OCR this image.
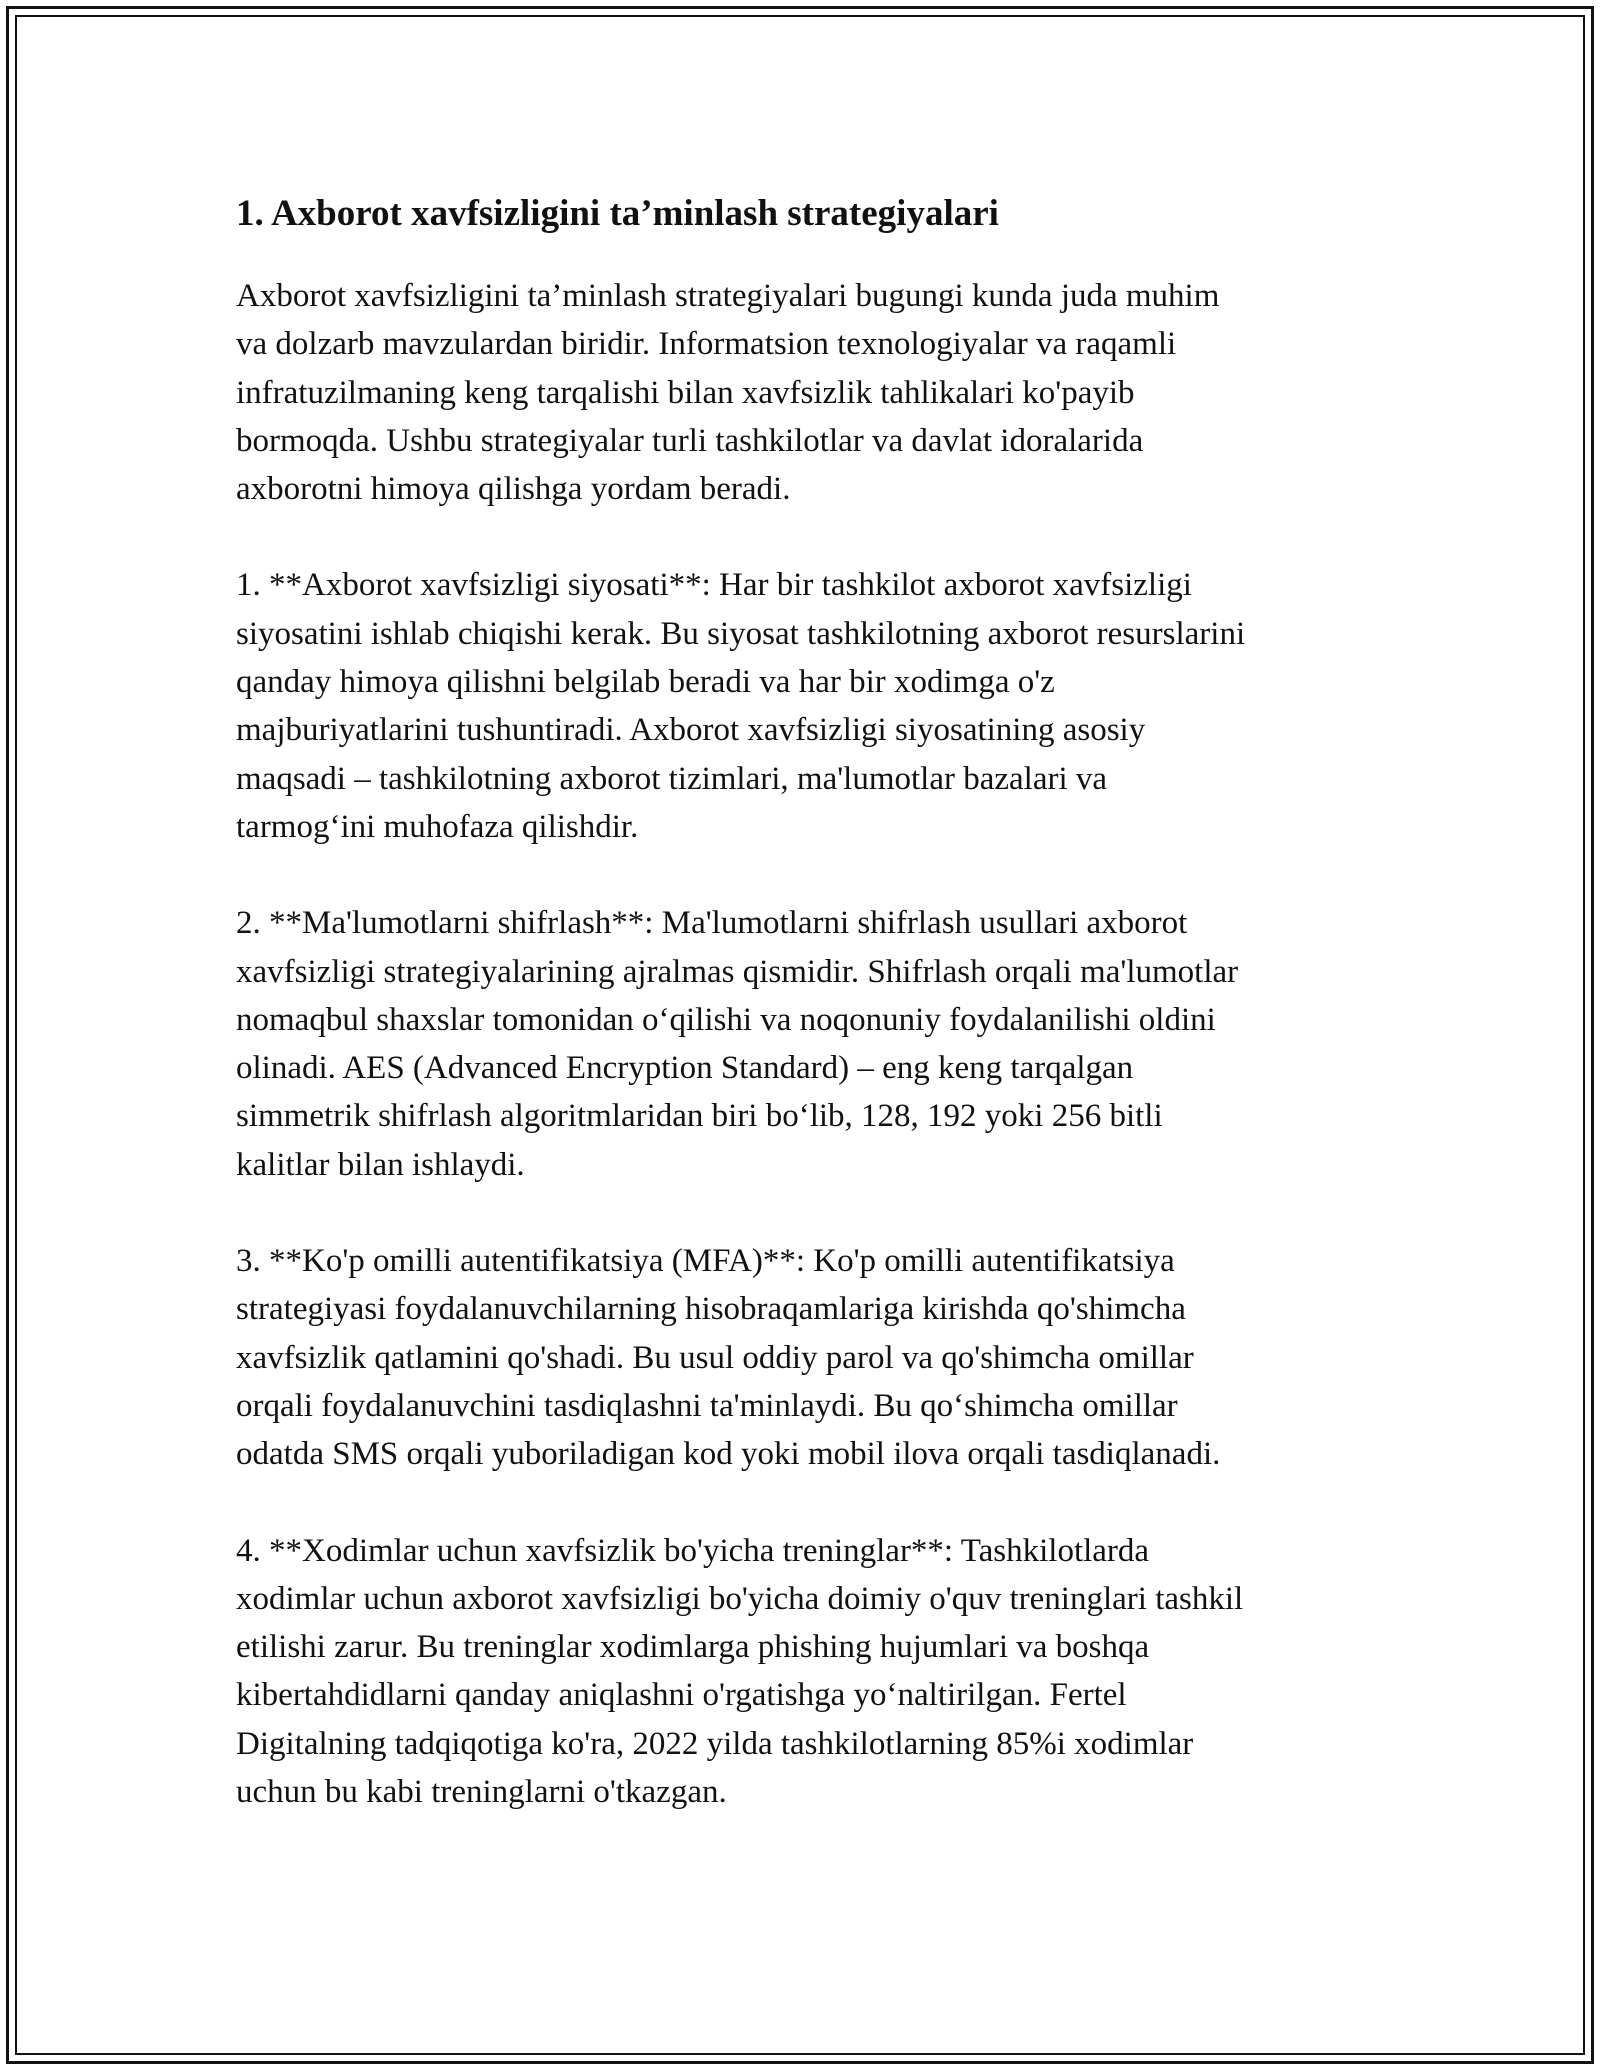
1. Axborot xavfsizligini ta’minlash strategiyalari

Axborot xavfsizligini ta’minlash strategiyalari bugungi kunda juda muhim
va dolzarb mavzulardan biridir. Informatsion texnologiyalar va raqamli
infratuzilmaning keng tarqalishi bilan xavfsizlik tahlikalari ko'payib
bormoqda. Ushbu strategiyalar turli tashkilotlar va davlat idoralarida
axborotni himoya qilishga yordam beradi.

1. **Axborot xavfsizligi siyosati**: Har bir tashkilot axborot xavfsizligi
siyosatini ishlab chiqishi kerak. Bu siyosat tashkilotning axborot resurslarini
qanday himoya qilishni belgilab beradi va har bir xodimga o'z
majburiyatlarini tushuntiradi. Axborot xavfsizligi siyosatining asosiy
maqsadi – tashkilotning axborot tizimlari, ma'lumotlar bazalari va
tarmog‘ini muhofaza qilishdir.

2. **Ma'lumotlarni shifrlash**: Ma'lumotlarni shifrlash usullari axborot
xavfsizligi strategiyalarining ajralmas qismidir. Shifrlash orqali ma'lumotlar
nomaqbul shaxslar tomonidan o‘qilishi va noqonuniy foydalanilishi oldini
olinadi. AES (Advanced Encryption Standard) – eng keng tarqalgan
simmetrik shifrlash algoritmlaridan biri bo‘lib, 128, 192 yoki 256 bitli
kalitlar bilan ishlaydi.

3. **Ko'p omilli autentifikatsiya (MFA)**: Ko'p omilli autentifikatsiya
strategiyasi foydalanuvchilarning hisobraqamlariga kirishda qo'shimcha
xavfsizlik qatlamini qo'shadi. Bu usul oddiy parol va qo'shimcha omillar
orqali foydalanuvchini tasdiqlashni ta'minlaydi. Bu qo‘shimcha omillar
odatda SMS orqali yuboriladigan kod yoki mobil ilova orqali tasdiqlanadi.

4. **Xodimlar uchun xavfsizlik bo'yicha treninglar**: Tashkilotlarda
xodimlar uchun axborot xavfsizligi bo'yicha doimiy o'quv treninglari tashkil
etilishi zarur. Bu treninglar xodimlarga phishing hujumlari va boshqa
kibertahdidlarni qanday aniqlashni o'rgatishga yo‘naltirilgan. Fertel
Digitalning tadqiqotiga ko'ra, 2022 yilda tashkilotlarning 85%i xodimlar
uchun bu kabi treninglarni o'tkazgan.
